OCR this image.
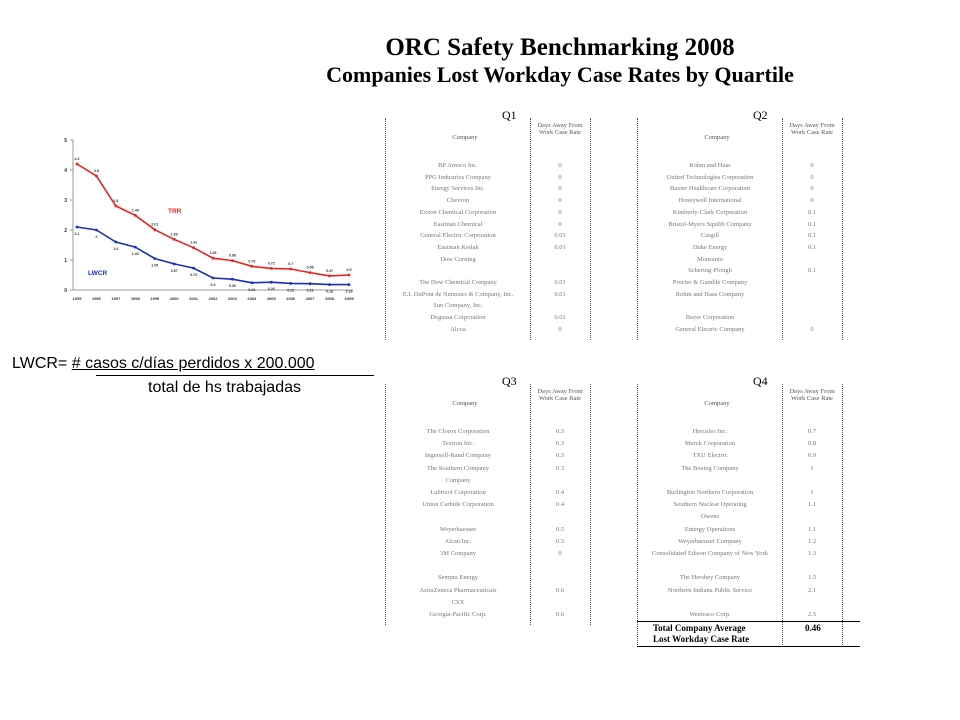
ORC Safety Benchmarking 2008
Companies Lost Workday Case Rates by Quartile
0
1
2
3
4
5
1995	1996	1997	1998	1999	2000	2001	2002	2003	2004	2005	2006	2007	2008	1H09
4.2
3.8
2.8
2.49
2.01
1.69
1.41
1.06
0.98
0.79
0.72	0.7
0.58
0.47	0.5
2.1
2
1.6
1.43
1.05
0.87
0.73
0.4	0.36
0.24	0.26	0.22	0.21	0.18	0.18
TRR
LWCR
LWCR= # casos c/días perdidos x 200.000
total de hs trabajadas
Q1
Company
Days Away From Work Case Rate
BP Amoco Inc.	0
PPG Industries Company	0
Energy Services Inc.	0
Chevron	0
Exxon Chemical Corporation	0
Eastman Chemical	0
General Electric Corporation	0.01
Eastman Kodak	0.01
Dow Corning
The Dow Chemical Company	0.01
E.I. DuPont de Nemours & Company, Inc.	0.01
Sun Company, Inc.
Degussa Corporation	0.01
Alcoa	0
Q2
Company
Days Away From Work Case Rate
Rohm and Haas	0
United Technologies Corporation	0
Baxter Healthcare Corporation	0
Honeywell International	0
Kimberly-Clark Corporation	0.1
Bristol-Myers Squibb Company	0.1
Cargill	0.1
Duke Energy	0.1
Monsanto
Schering-Plough	0.1
Procter & Gamble Company
Rohm and Haas Company
Bayer Corporation
General Electric Company	0
Q3
Company
Days Away From Work Case Rate
The Clorox Corporation	0.3
Textron Inc.	0.3
Ingersoll-Rand Company	0.3
The Southern Company	0.3
Company
Lubrizol Corporation	0.4
Union Carbide Corporation	0.4
Weyerhaeuser	0.5
Alcan Inc.	0.5
3M Company	0
Sempra Energy
AstraZeneca Pharmaceuticals	0.6
CSX
Georgia-Pacific Corp.	0.6
Q4
Company
Days Away From Work Case Rate
Hercules Inc.	0.7
Merck Corporation	0.8
TXU Electric	0.9
The Boeing Company	1
Burlington Northern Corporation	1
Southern Nuclear Operating	1.1
Owens
Entergy Operations	1.1
Weyerhaeuser Company	1.2
Consolidated Edison Company of New York	1.3
The Hershey Company	1.5
Northern Indiana Public Service	2.1
Westvaco Corp.	2.5
Total Company Average
Lost Workday Case Rate
0.46
